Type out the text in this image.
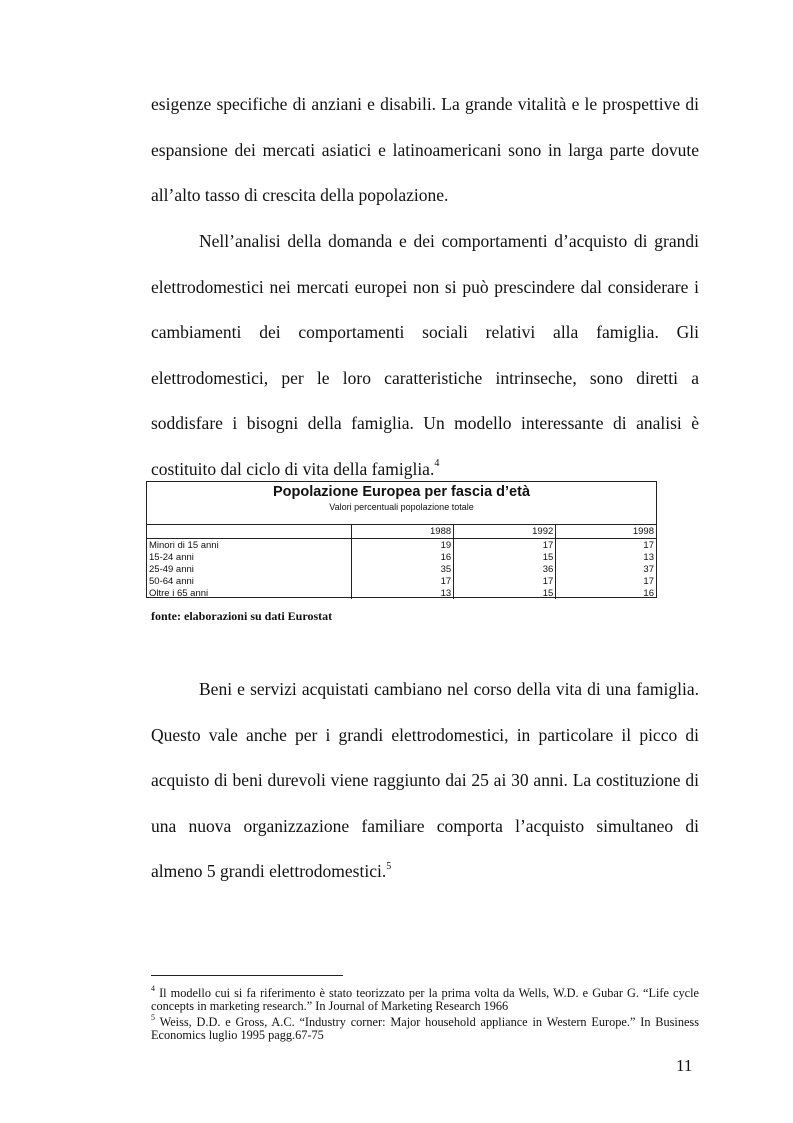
esigenze specifiche di anziani e disabili. La grande vitalità e le prospettive di espansione dei mercati asiatici e latinoamericani sono in larga parte dovute all’alto tasso di crescita della popolazione.

Nell’analisi della domanda e dei comportamenti d’acquisto di grandi elettrodomestici nei mercati europei non si può prescindere dal considerare i cambiamenti dei comportamenti sociali relativi alla famiglia. Gli elettrodomestici, per le loro caratteristiche intrinseche, sono diretti a soddisfare i bisogni della famiglia. Un modello interessante di analisi è costituito dal ciclo di vita della famiglia.$^4$

Popolazione Europea per fascia d’età

Valori percentuali popolazione totale

	1988	1992	1998
Minori di 15 anni	19	17	17
15-24 anni	16	15	13
25-49 anni	35	36	37
50-64 anni	17	17	17
Oltre i 65 anni	13	15	16

fonte: elaborazioni su dati Eurostat

Beni e servizi acquistati cambiano nel corso della vita di una famiglia. Questo vale anche per i grandi elettrodomestici, in particolare il picco di acquisto di beni durevoli viene raggiunto dai 25 ai 30 anni. La costituzione di una nuova organizzazione familiare comporta l’acquisto simultaneo di almeno 5 grandi elettrodomestici.$^5$

$^4$ Il modello cui si fa riferimento è stato teorizzato per la prima volta da Wells, W.D. e Gubar G. “Life cycle concepts in marketing research.” In Journal of Marketing Research 1966

$^5$ Weiss, D.D. e Gross, A.C. “Industry corner: Major household appliance in Western Europe.” In Business Economics luglio 1995 pagg.67-75

11
